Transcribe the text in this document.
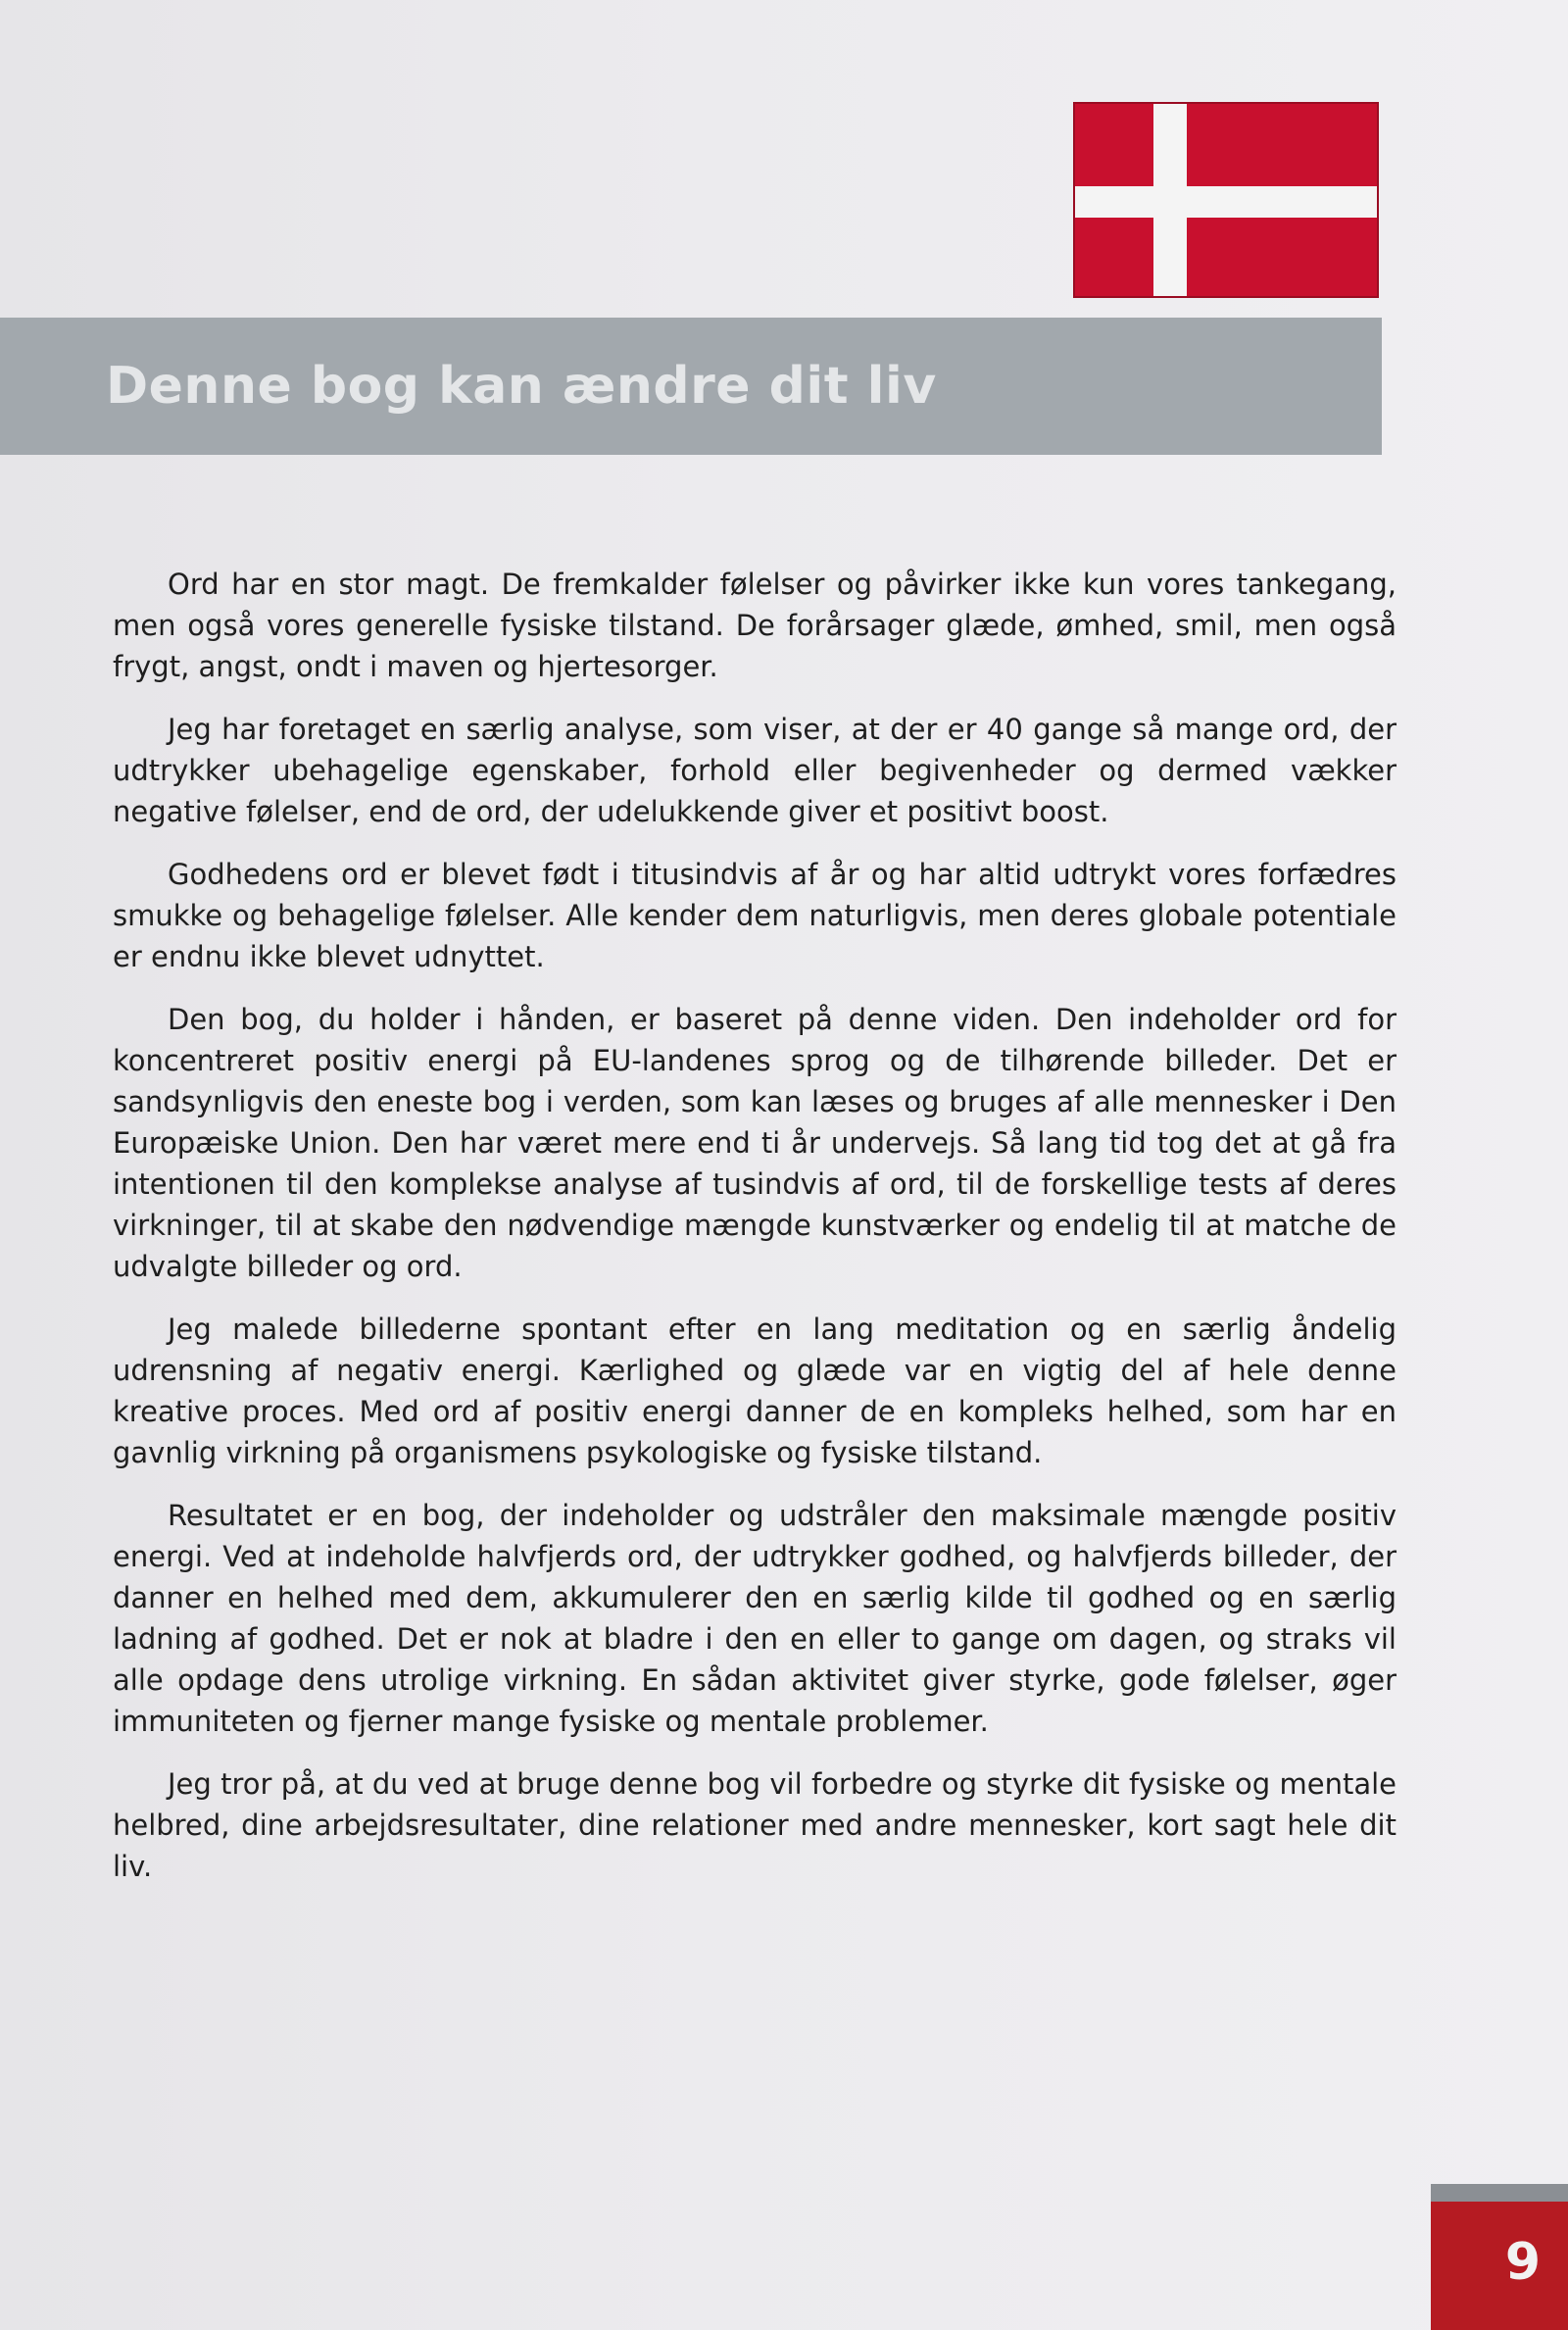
Denne bog kan ændre dit liv

Ord har en stor magt. De fremkalder følelser og påvirker ikke kun vores tankegang, men også vores generelle fysiske tilstand. De forårsager glæde, ømhed, smil, men også frygt, angst, ondt i maven og hjertesorger.

Jeg har foretaget en særlig analyse, som viser, at der er 40 gange så mange ord, der udtrykker ubehagelige egenskaber, forhold eller begivenheder og dermed vækker negative følelser, end de ord, der udelukkende giver et positivt boost.

Godhedens ord er blevet født i titusindvis af år og har altid udtrykt vores forfædres smukke og behagelige følelser. Alle kender dem naturligvis, men deres globale potentiale er endnu ikke blevet udnyttet.

Den bog, du holder i hånden, er baseret på denne viden. Den indeholder ord for koncentreret positiv energi på EU-landenes sprog og de tilhørende billeder. Det er sandsynligvis den eneste bog i verden, som kan læses og bruges af alle mennesker i Den Europæiske Union. Den har været mere end ti år undervejs. Så lang tid tog det at gå fra intentionen til den komplekse analyse af tusindvis af ord, til de forskellige tests af deres virkninger, til at skabe den nødvendige mængde kunstværker og endelig til at matche de udvalgte billeder og ord.

Jeg malede billederne spontant efter en lang meditation og en særlig åndelig udrensning af negativ energi. Kærlighed og glæde var en vigtig del af hele denne kreative proces. Med ord af positiv energi danner de en kompleks helhed, som har en gavnlig virkning på organismens psykologiske og fysiske tilstand.

Resultatet er en bog, der indeholder og udstråler den maksimale mængde positiv energi. Ved at indeholde halvfjerds ord, der udtrykker godhed, og halvfjerds billeder, der danner en helhed med dem, akkumulerer den en særlig kilde til godhed og en særlig ladning af godhed. Det er nok at bladre i den en eller to gange om dagen, og straks vil alle opdage dens utrolige virkning. En sådan aktivitet giver styrke, gode følelser, øger immuniteten og fjerner mange fysiske og mentale problemer.

Jeg tror på, at du ved at bruge denne bog vil forbedre og styrke dit fysiske og mentale helbred, dine arbejdsresultater, dine relationer med andre mennesker, kort sagt hele dit liv.

9
